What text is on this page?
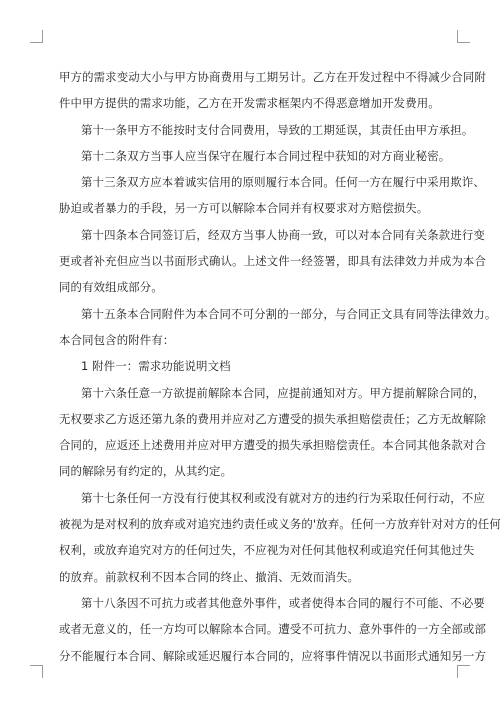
甲方的需求变动大小与甲方协商费用与工期另计。乙方在开发过程中不得减少合同附
件中甲方提供的需求功能，乙方在开发需求框架内不得恶意增加开发费用。
第十一条甲方不能按时支付合同费用，导致的工期延误，其责任由甲方承担。
第十二条双方当事人应当保守在履行本合同过程中获知的对方商业秘密。
第十三条双方应本着诚实信用的原则履行本合同。任何一方在履行中采用欺诈、
胁迫或者暴力的手段，另一方可以解除本合同并有权要求对方赔偿损失。
第十四条本合同签订后，经双方当事人协商一致，可以对本合同有关条款进行变
更或者补充但应当以书面形式确认。上述文件一经签署，即具有法律效力并成为本合
同的有效组成部分。
第十五条本合同附件为本合同不可分割的一部分，与合同正文具有同等法律效力。
本合同包含的附件有：
1 附件一：需求功能说明文档
第十六条任意一方欲提前解除本合同，应提前通知对方。甲方提前解除合同的，
无权要求乙方返还第九条的费用并应对乙方遭受的损失承担赔偿责任；乙方无故解除
合同的，应返还上述费用并应对甲方遭受的损失承担赔偿责任。本合同其他条款对合
同的解除另有约定的，从其约定。
第十七条任何一方没有行使其权利或没有就对方的违约行为采取任何行动，不应
被视为是对权利的放弃或对追究违约责任或义务的'放弃。任何一方放弃针对对方的任何
权利，或放弃追究对方的任何过失，不应视为对任何其他权利或追究任何其他过失
的放弃。前款权利不因本合同的终止、撤消、无效而消失。
第十八条因不可抗力或者其他意外事件，或者使得本合同的履行不可能、不必要
或者无意义的，任一方均可以解除本合同。遭受不可抗力、意外事件的一方全部或部
分不能履行本合同、解除或延迟履行本合同的，应将事件情况以书面形式通知另一方
